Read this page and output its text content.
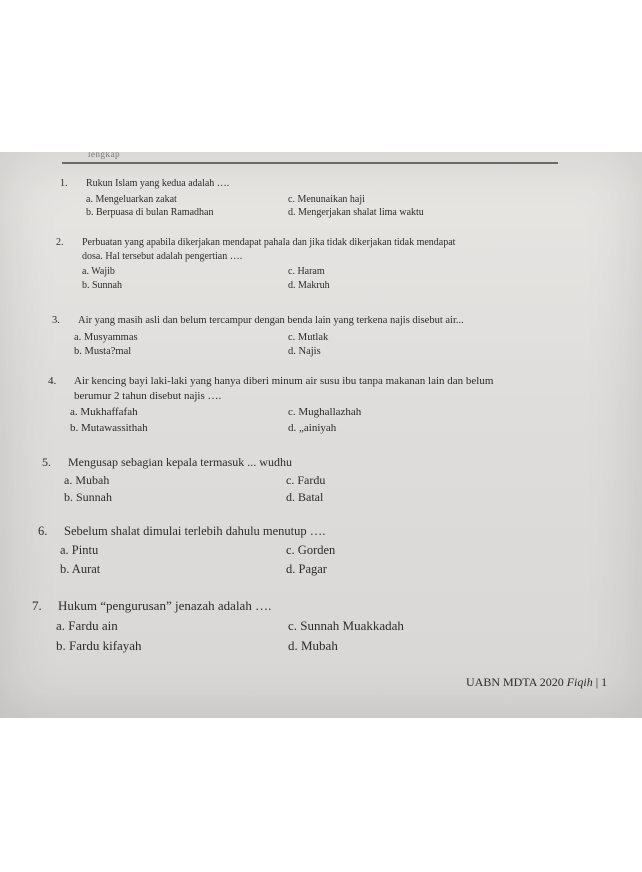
lengkap
1. Rukun Islam yang kedua adalah ….
a. Mengeluarkan zakat
b. Berpuasa di bulan Ramadhan
c. Menunaikan haji
d. Mengerjakan shalat lima waktu
2. Perbuatan yang apabila dikerjakan mendapat pahala dan jika tidak dikerjakan tidak mendapat
dosa. Hal tersebut adalah pengertian ….
a. Wajib
b. Sunnah
c. Haram
d. Makruh
3. Air yang masih asli dan belum tercampur dengan benda lain yang terkena najis disebut air...
a. Musyammas
b. Musta?mal
c. Mutlak
d. Najis
4. Air kencing bayi laki-laki yang hanya diberi minum air susu ibu tanpa makanan lain dan belum
berumur 2 tahun disebut najis ….
a. Mukhaffafah
b. Mutawassithah
c. Mughallazhah
d. „ainiyah
5. Mengusap sebagian kepala termasuk ... wudhu
a. Mubah
b. Sunnah
c. Fardu
d. Batal
6. Sebelum shalat dimulai terlebih dahulu menutup ….
a. Pintu
b. Aurat
c. Gorden
d. Pagar
7. Hukum “pengurusan” jenazah adalah ….
a. Fardu ain
b. Fardu kifayah
c. Sunnah Muakkadah
d. Mubah
UABN MDTA 2020 Fiqih | 1
